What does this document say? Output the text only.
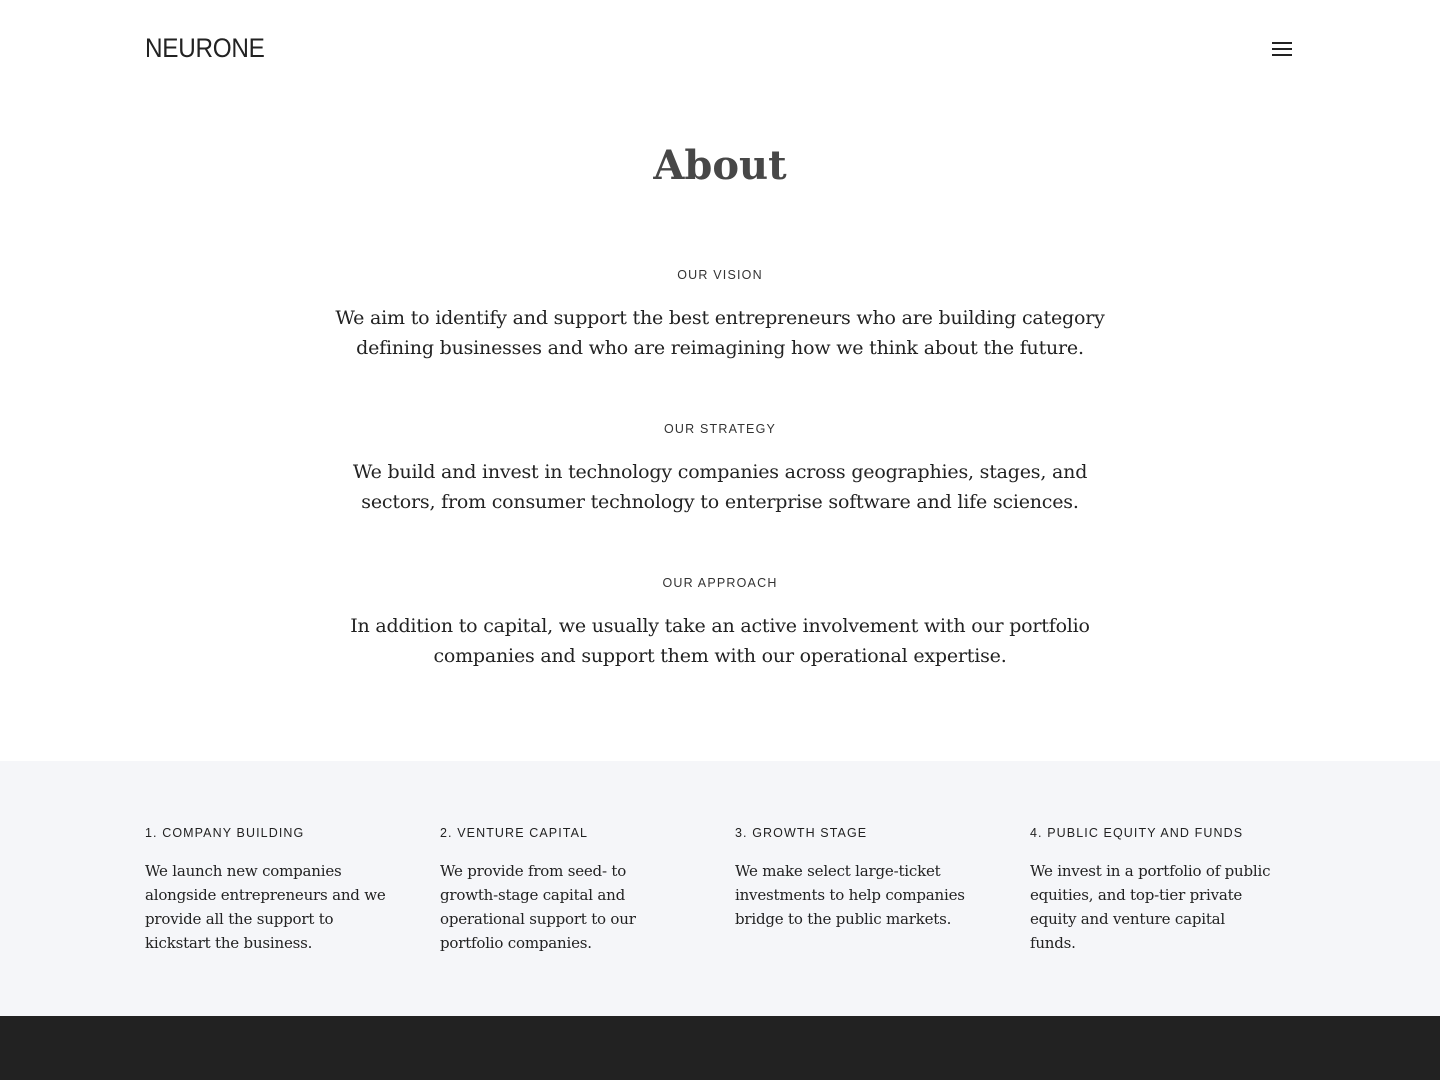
NEURONE
About

OUR VISION

We aim to identify and support the best entrepreneurs who are building category defining businesses and who are reimagining how we think about the future.

OUR STRATEGY

We build and invest in technology companies across geographies, stages, and sectors, from consumer technology to enterprise software and life sciences.

OUR APPROACH

In addition to capital, we usually take an active involvement with our portfolio companies and support them with our operational expertise.

1. COMPANY BUILDING

We launch new companies alongside entrepreneurs and we provide all the support to kickstart the business.

2. VENTURE CAPITAL

We provide from seed- to growth-stage capital and operational support to our portfolio companies.

3. GROWTH STAGE

We make select large-ticket investments to help companies bridge to the public markets.

4. PUBLIC EQUITY AND FUNDS

We invest in a portfolio of public equities, and top-tier private equity and venture capital funds.
